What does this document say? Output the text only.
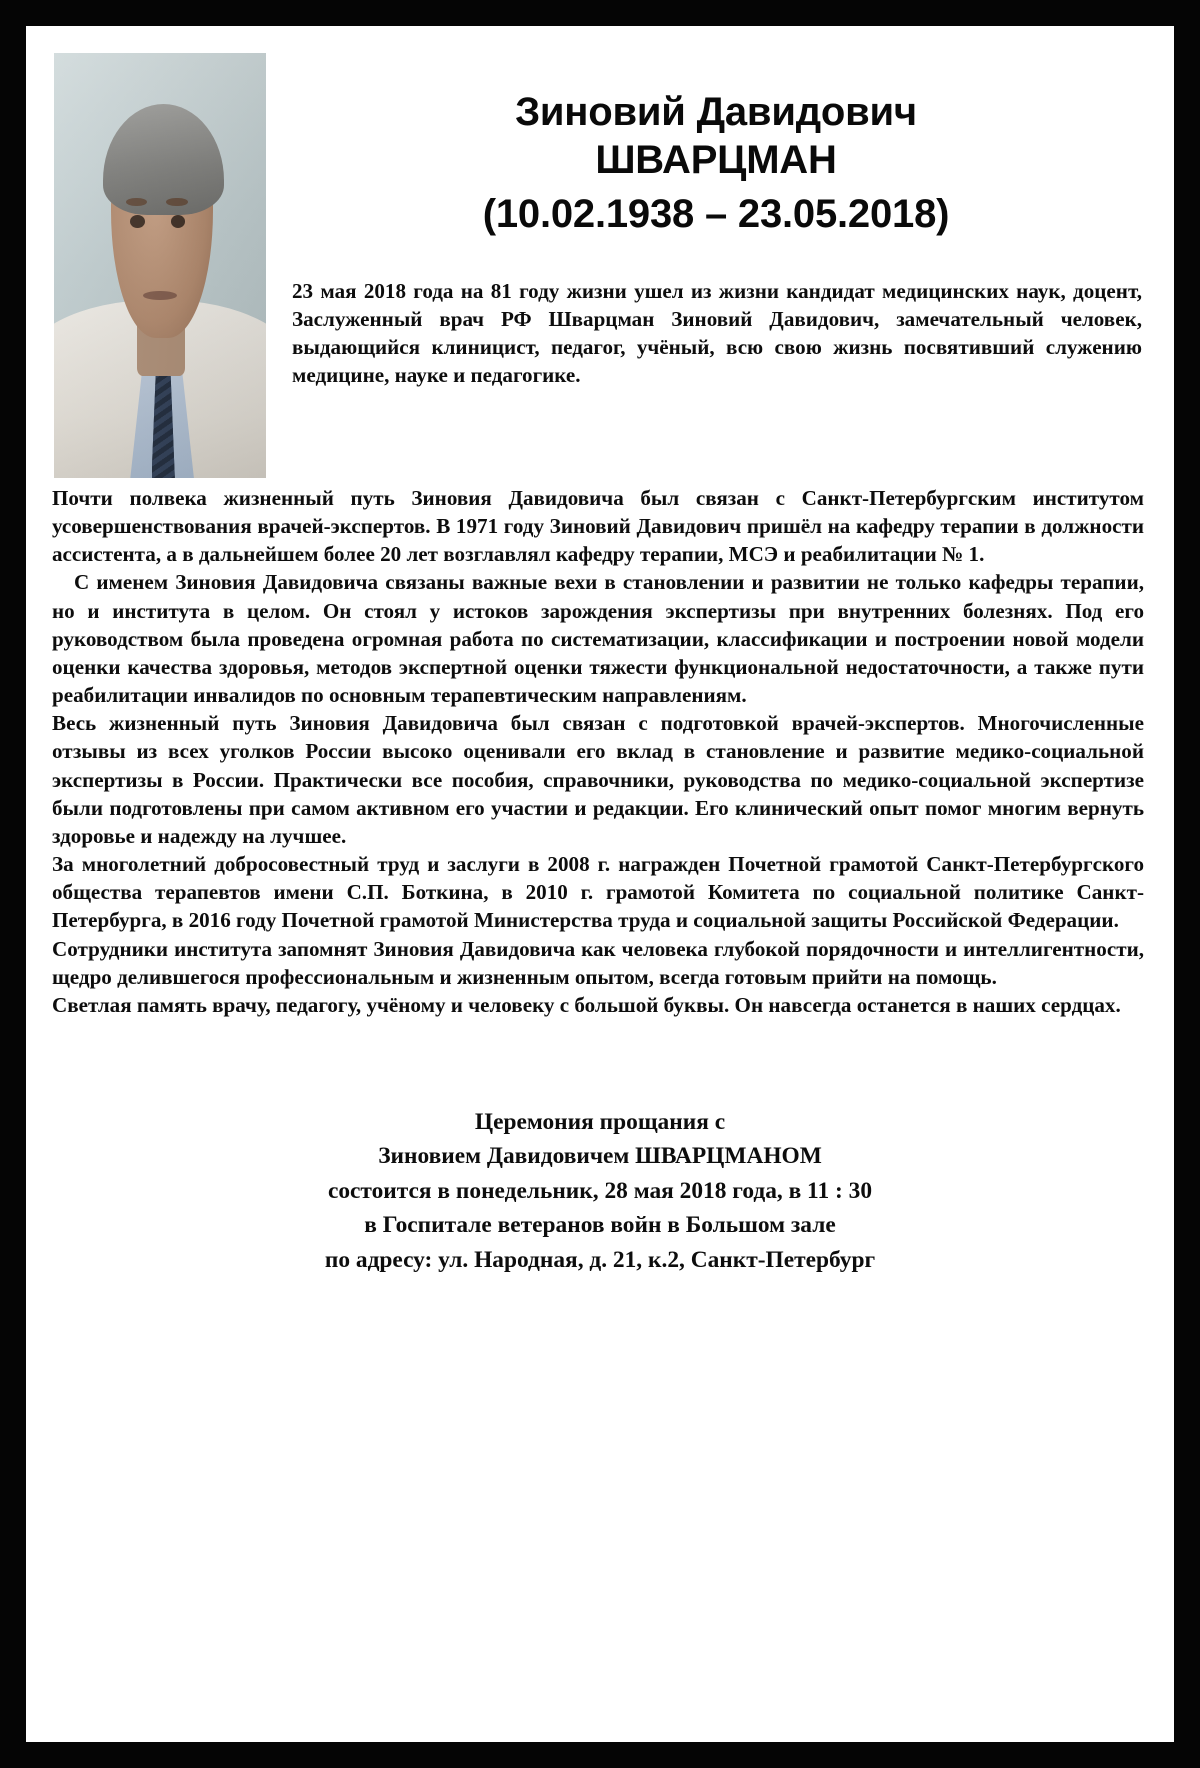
Зиновий Давидович
ШВАРЦМАН
(10.02.1938 – 23.05.2018)

23 мая 2018 года на 81 году жизни ушел из жизни кандидат медицинских наук, доцент, Заслуженный врач РФ Шварцман Зиновий Давидович, замечательный человек, выдающийся клиницист, педагог, учёный, всю свою жизнь посвятивший служению медицине, науке и педагогике.

Почти полвека жизненный путь Зиновия Давидовича был связан с Санкт-Петербургским институтом усовершенствования врачей-экспертов. В 1971 году Зиновий Давидович пришёл на кафедру терапии в должности ассистента, а в дальнейшем более 20 лет возглавлял кафедру терапии, МСЭ и реабилитации № 1.

С именем Зиновия Давидовича связаны важные вехи в становлении и развитии не только кафедры терапии, но и института в целом. Он стоял у истоков зарождения экспертизы при внутренних болезнях. Под его руководством была проведена огромная работа по систематизации, классификации и построении новой модели оценки качества здоровья, методов экспертной оценки тяжести функциональной недостаточности, а также пути реабилитации инвалидов по основным терапевтическим направлениям.

Весь жизненный путь Зиновия Давидовича был связан с подготовкой врачей-экспертов. Многочисленные отзывы из всех уголков России высоко оценивали его вклад в становление и развитие медико-социальной экспертизы в России. Практически все пособия, справочники, руководства по медико-социальной экспертизе были подготовлены при самом активном его участии и редакции. Его клинический опыт помог многим вернуть здоровье и надежду на лучшее.

За многолетний добросовестный труд и заслуги в 2008 г. награжден Почетной грамотой Санкт-Петербургского общества терапевтов имени С.П. Боткина, в 2010 г. грамотой Комитета по социальной политике Санкт-Петербурга, в 2016 году Почетной грамотой Министерства труда и социальной защиты Российской Федерации.

Сотрудники института запомнят Зиновия Давидовича как человека глубокой порядочности и интеллигентности, щедро делившегося профессиональным и жизненным опытом, всегда готовым прийти на помощь.

Светлая память врачу, педагогу, учёному и человеку с большой буквы. Он навсегда останется в наших сердцах.

Церемония прощания с
Зиновием Давидовичем ШВАРЦМАНОМ
состоится в понедельник, 28 мая 2018 года, в 11 : 30
в Госпитале ветеранов войн в Большом зале
по адресу: ул. Народная, д. 21, к.2, Санкт-Петербург
